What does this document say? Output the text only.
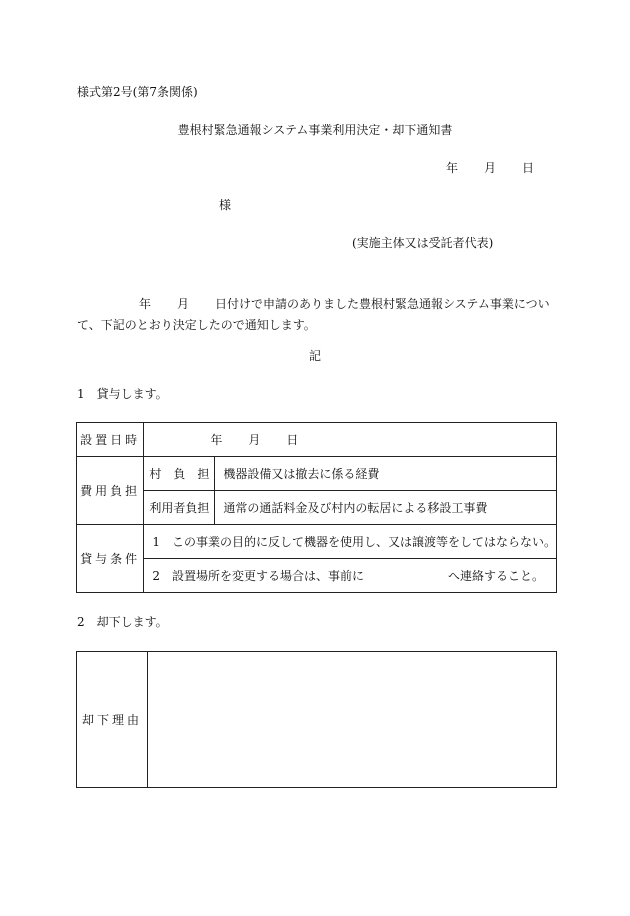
様式第2号(第7条関係)
豊根村緊急通報システム事業利用決定・却下通知書
年 月 日
様
(実施主体又は受託者代表)
年 月 日付けで申請のありました豊根村緊急通報システム事業につい
て、下記のとおり決定したので通知します。
記
1　貸与します。
設置日時	年 月 日	
費用負担	村　負　担	機器設備又は撤去に係る経費
	利用者負担	通常の通話料金及び村内の転居による移設工事費
貸与条件	1　この事業の目的に反して機器を使用し、又は譲渡等をしてはならない。	
	2　設置場所を変更する場合は、事前に へ連絡すること。	
2　却下します。
却下理由	
